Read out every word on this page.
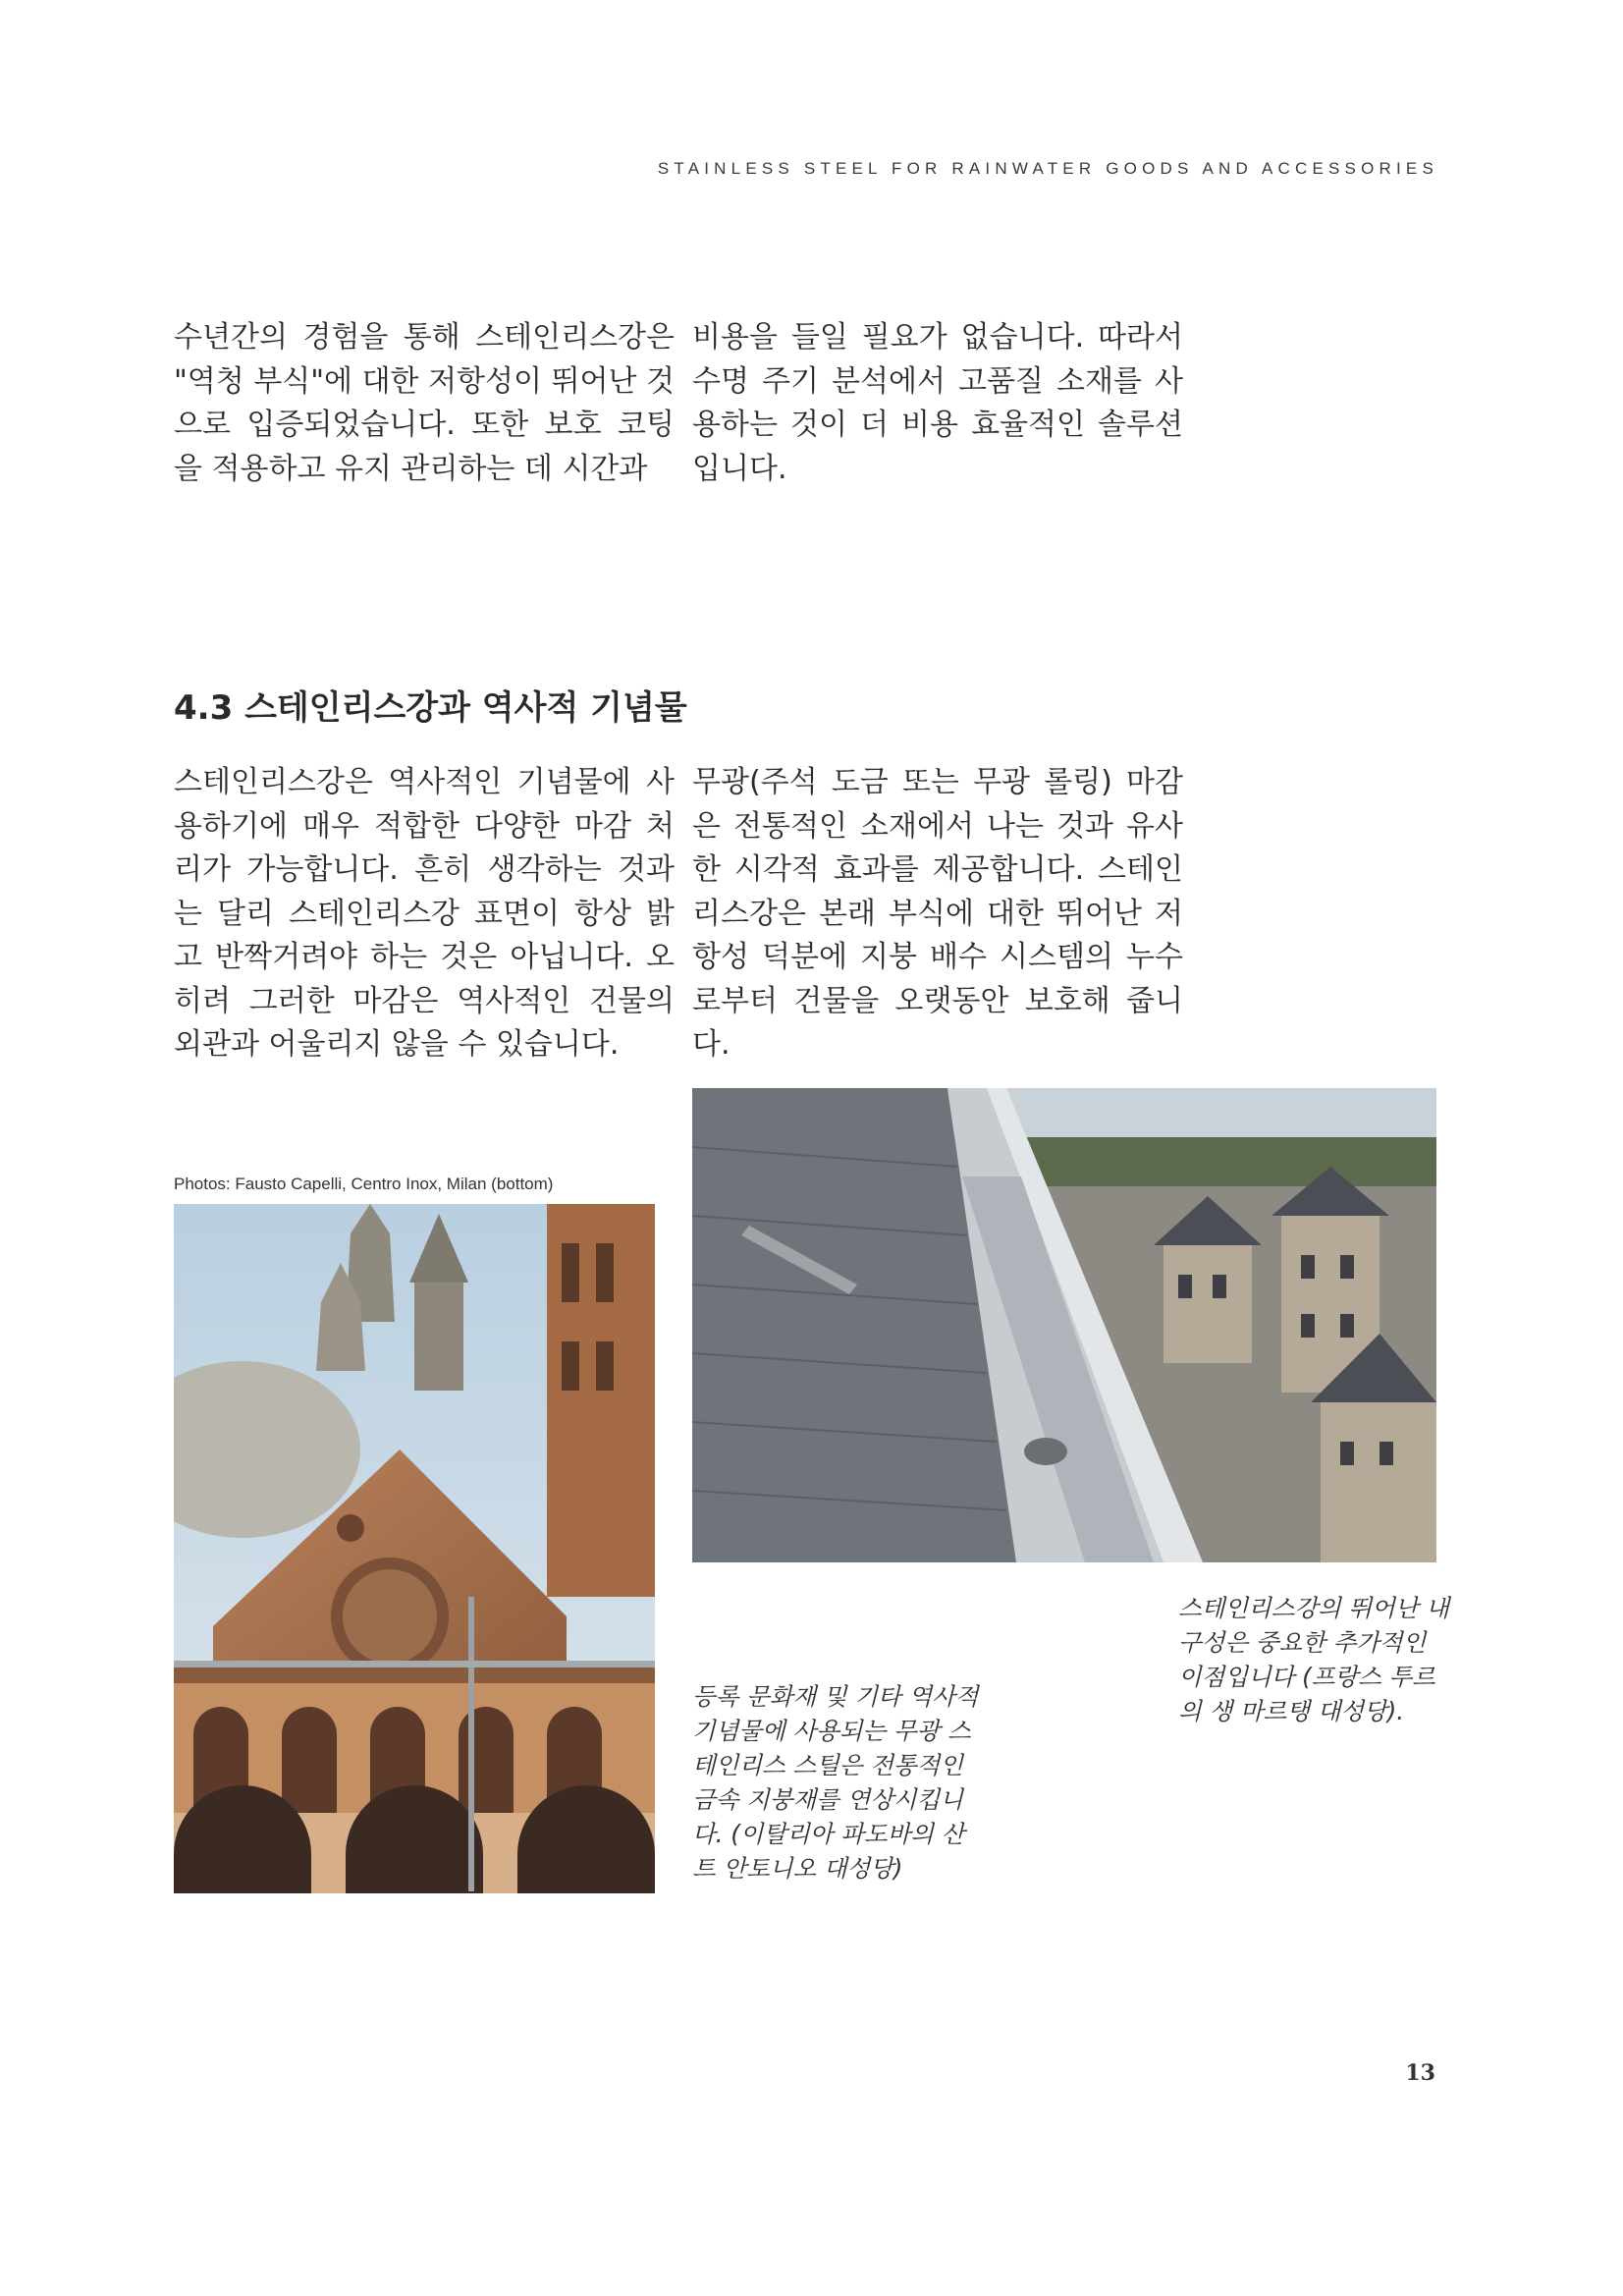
STAINLESS STEEL FOR RAINWATER GOODS AND ACCESSORIES

수년간의 경험을 통해 스테인리스강은 "역청 부식"에 대한 저항성이 뛰어난 것으로 입증되었습니다. 또한 보호 코팅을 적용하고 유지 관리하는 데 시간과

비용을 들일 필요가 없습니다. 따라서 수명 주기 분석에서 고품질 소재를 사용하는 것이 더 비용 효율적인 솔루션입니다.

4.3 스테인리스강과 역사적 기념물

스테인리스강은 역사적인 기념물에 사용하기에 매우 적합한 다양한 마감 처리가 가능합니다. 흔히 생각하는 것과는 달리 스테인리스강 표면이 항상 밝고 반짝거려야 하는 것은 아닙니다. 오히려 그러한 마감은 역사적인 건물의 외관과 어울리지 않을 수 있습니다.

무광(주석 도금 또는 무광 롤링) 마감은 전통적인 소재에서 나는 것과 유사한 시각적 효과를 제공합니다. 스테인리스강은 본래 부식에 대한 뛰어난 저항성 덕분에 지붕 배수 시스템의 누수로부터 건물을 오랫동안 보호해 줍니다.

Photos: Fausto Capelli, Centro Inox, Milan (bottom)
등록 문화재 및 기타 역사적 기념물에 사용되는 무광 스테인리스 스틸은 전통적인 금속 지붕재를 연상시킵니다. (이탈리아 파도바의 산트 안토니오 대성당)
스테인리스강의 뛰어난 내구성은 중요한 추가적인 이점입니다 (프랑스 투르의 생 마르탱 대성당).
13
